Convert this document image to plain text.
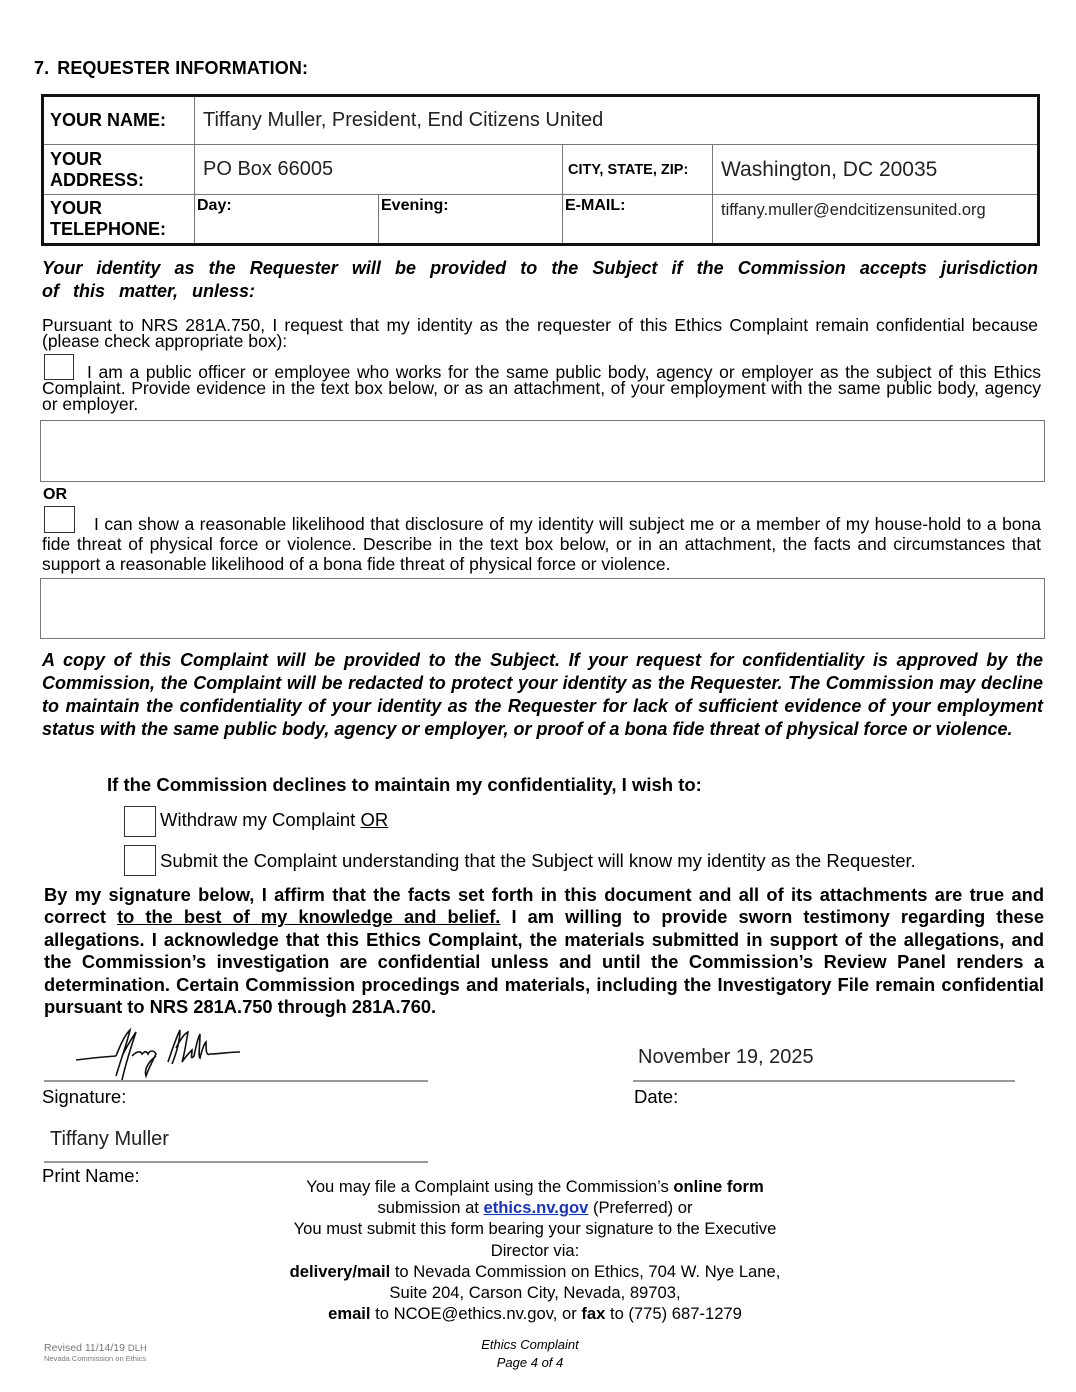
7. REQUESTER INFORMATION:
YOUR NAME:	Tiffany Muller, President, End Citizens United			
YOUR
ADDRESS:	PO Box 66005		CITY, STATE, ZIP:	Washington, DC 20035
YOUR
TELEPHONE:	Day:	Evening:	E-MAIL:	tiffany.muller@endcitizensunited.org
Your identity as the Requester will be provided to the Subject if the Commission accepts jurisdiction of this matter, unless:
Pursuant to NRS 281A.750, I request that my identity as the requester of this Ethics Complaint remain confidential because (please check appropriate box):
I am a public officer or employee who works for the same public body, agency or employer as the subject of this Ethics Complaint. Provide evidence in the text box below, or as an attachment, of your employment with the same public body, agency or employer.
OR
I can show a reasonable likelihood that disclosure of my identity will subject me or a member of my house-hold to a bona fide threat of physical force or violence. Describe in the text box below, or in an attachment, the facts and circumstances that support a reasonable likelihood of a bona fide threat of physical force or violence.
A copy of this Complaint will be provided to the Subject. If your request for confidentiality is approved by the Commission, the Complaint will be redacted to protect your identity as the Requester. The Commission may decline to maintain the confidentiality of your identity as the Requester for lack of sufficient evidence of your employment status with the same public body, agency or employer, or proof of a bona fide threat of physical force or violence.
If the Commission declines to maintain my confidentiality, I wish to:
Withdraw my Complaint OR
Submit the Complaint understanding that the Subject will know my identity as the Requester.
By my signature below, I affirm that the facts set forth in this document and all of its attachments are true and correct to the best of my knowledge and belief. I am willing to provide sworn testimony regarding these allegations. I acknowledge that this Ethics Complaint, the materials submitted in support of the allegations, and the Commission’s investigation are confidential unless and until the Commission’s Review Panel renders a determination. Certain Commission procedings and materials, including the Investigatory File remain confidential pursuant to NRS 281A.750 through 281A.760.
Signature:
November 19, 2025
Date:
Tiffany Muller
Print Name:
You may file a Complaint using the Commission’s online form
submission at ethics.nv.gov (Preferred) or
You must submit this form bearing your signature to the Executive Director via:
delivery/mail to Nevada Commission on Ethics, 704 W. Nye Lane, Suite 204, Carson City, Nevada, 89703,
email to NCOE@ethics.nv.gov, or fax to (775) 687-1279
Revised 11/14/19 DLH
Nevada Commission on Ethics
Ethics Complaint
Page 4 of 4
